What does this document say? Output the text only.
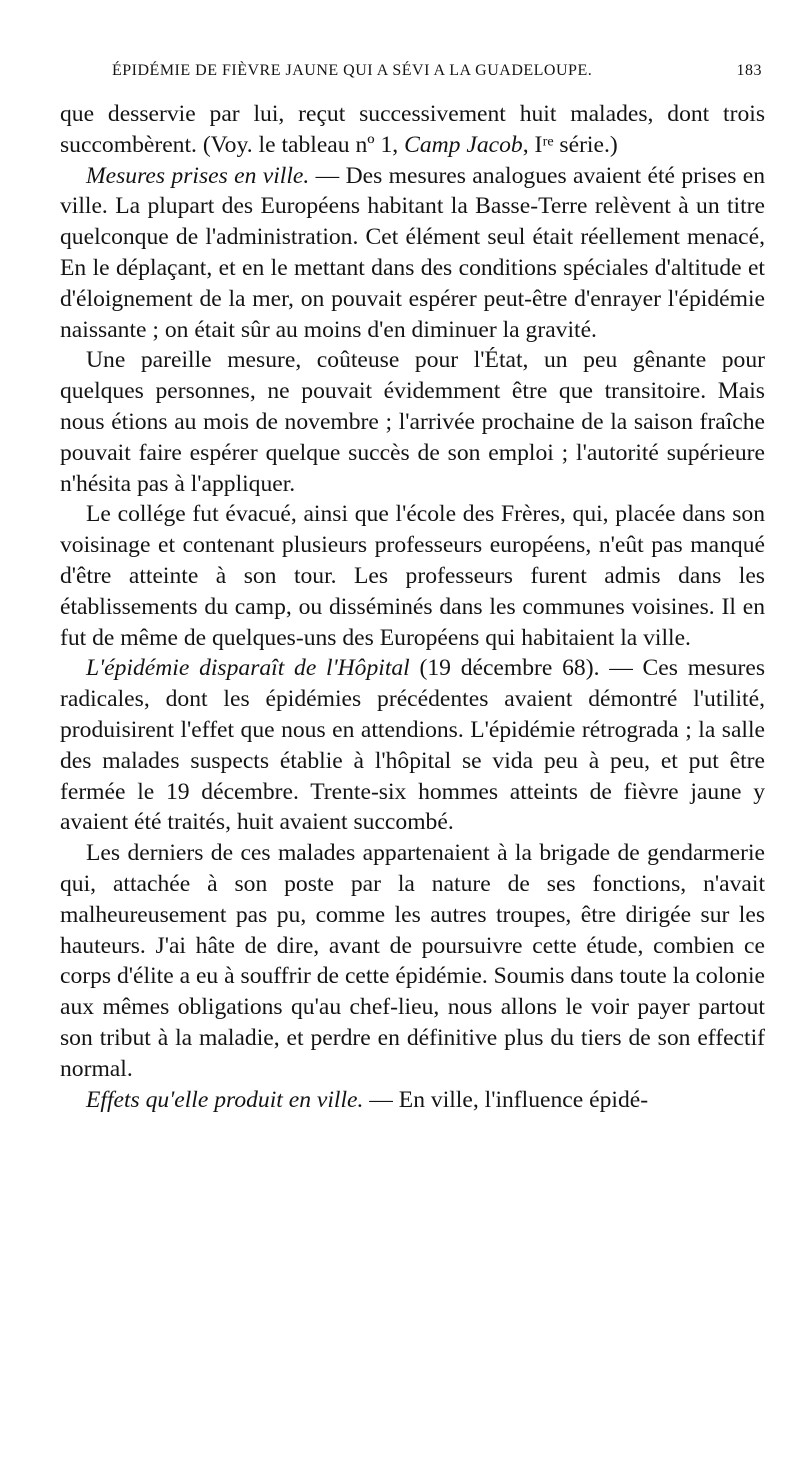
ÉPIDÉMIE DE FIÈVRE JAUNE QUI A SÉVI A LA GUADELOUPE.	183

que desservie par lui, reçut successivement huit malades, dont trois succombèrent. (Voy. le tableau nº 1, Camp Jacob, Iʳᵉ série.)

Mesures prises en ville. — Des mesures analogues avaient été prises en ville. La plupart des Européens habitant la Basse-Terre relèvent à un titre quelconque de l'administration. Cet élément seul était réellement menacé, En le déplaçant, et en le mettant dans des conditions spéciales d'altitude et d'éloignement de la mer, on pouvait espérer peut-être d'enrayer l'épidémie naissante ; on était sûr au moins d'en diminuer la gravité.

Une pareille mesure, coûteuse pour l'État, un peu gênante pour quelques personnes, ne pouvait évidemment être que transitoire. Mais nous étions au mois de novembre ; l'arrivée prochaine de la saison fraîche pouvait faire espérer quelque succès de son emploi ; l'autorité supérieure n'hésita pas à l'appliquer.

Le collége fut évacué, ainsi que l'école des Frères, qui, placée dans son voisinage et contenant plusieurs professeurs européens, n'eût pas manqué d'être atteinte à son tour. Les professeurs furent admis dans les établissements du camp, ou disséminés dans les communes voisines. Il en fut de même de quelques-uns des Européens qui habitaient la ville.

L'épidémie disparaît de l'Hôpital (19 décembre 68). — Ces mesures radicales, dont les épidémies précédentes avaient démontré l'utilité, produisirent l'effet que nous en attendions. L'épidémie rétrograda ; la salle des malades suspects établie à l'hôpital se vida peu à peu, et put être fermée le 19 décembre. Trente-six hommes atteints de fièvre jaune y avaient été traités, huit avaient succombé.

Les derniers de ces malades appartenaient à la brigade de gendarmerie qui, attachée à son poste par la nature de ses fonctions, n'avait malheureusement pas pu, comme les autres troupes, être dirigée sur les hauteurs. J'ai hâte de dire, avant de poursuivre cette étude, combien ce corps d'élite a eu à souffrir de cette épidémie. Soumis dans toute la colonie aux mêmes obligations qu'au chef-lieu, nous allons le voir payer partout son tribut à la maladie, et perdre en définitive plus du tiers de son effectif normal.

Effets qu'elle produit en ville. — En ville, l'influence épidé-
